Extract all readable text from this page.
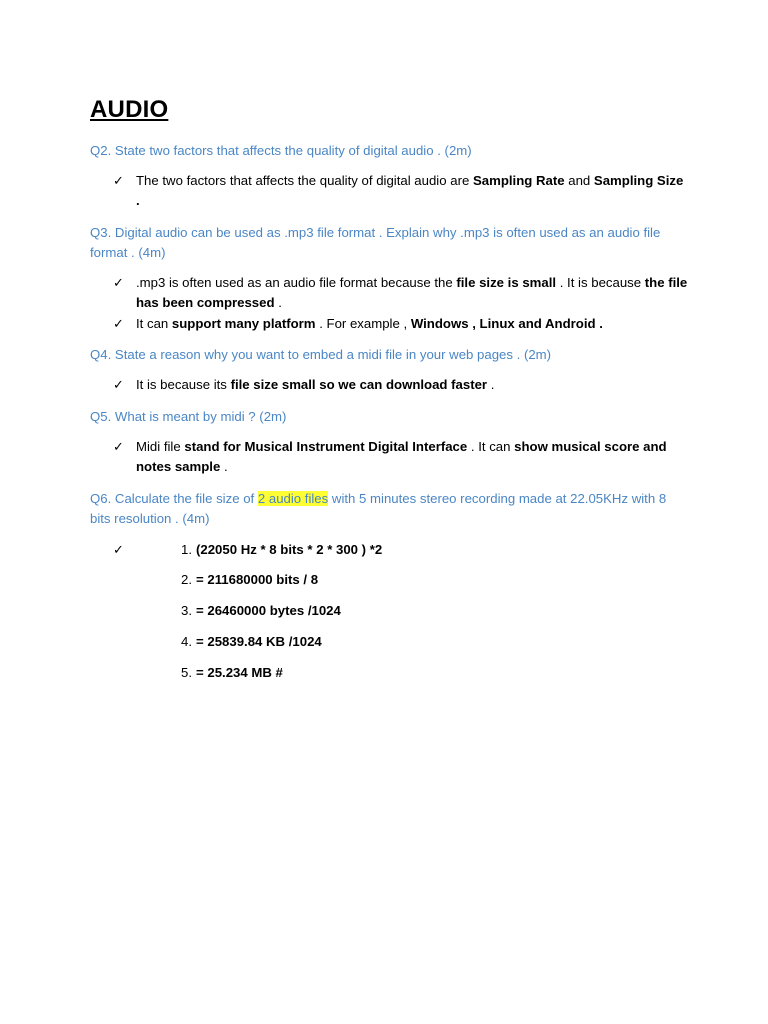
AUDIO
Q2. State two factors that affects the quality of digital audio . (2m)
✓ The two factors that affects the quality of digital audio are Sampling Rate and Sampling Size .
Q3. Digital audio can be used as .mp3 file format . Explain why .mp3 is often used as an audio file format . (4m)
✓ .mp3 is often used as an audio file format because the file size is small . It is because the file has been compressed .
✓ It can support many platform . For example , Windows , Linux and Android .
Q4. State a reason why you want to embed a midi file in your web pages . (2m)
✓ It is because its file size small so we can download faster .
Q5. What is meant by midi ? (2m)
✓ Midi file stand for Musical Instrument Digital Interface . It can show musical score and notes sample .
Q6. Calculate the file size of 2 audio files with 5 minutes stereo recording made at 22.05KHz with 8 bits resolution . (4m)
✓	1. (22050 Hz * 8 bits * 2 * 300 ) *2
2. = 211680000 bits / 8
3. = 26460000 bytes /1024
4. = 25839.84 KB /1024
5. = 25.234 MB #
